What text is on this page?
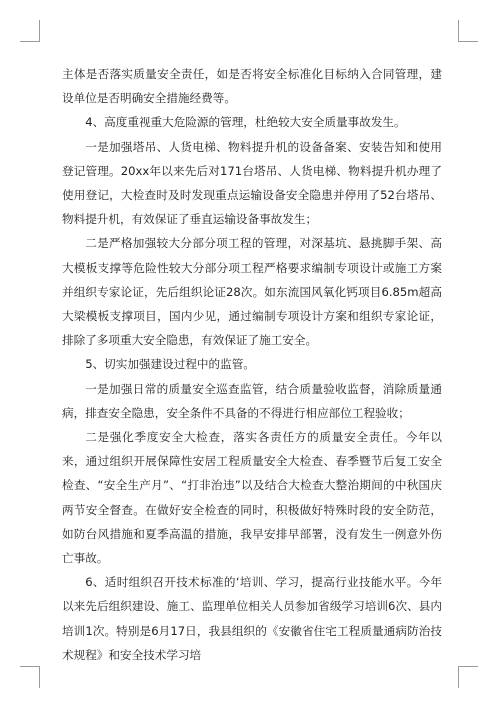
主体是否落实质量安全责任，如是否将安全标准化目标纳入合同管理，建设单位是否明确安全措施经费等。

4、高度重视重大危险源的管理，杜绝较大安全质量事故发生。

一是加强塔吊、人货电梯、物料提升机的设备备案、安装告知和使用登记管理。20xx年以来先后对171台塔吊、人货电梯、物料提升机办理了使用登记，大检查时及时发现重点运输设备安全隐患并停用了52台塔吊、物料提升机，有效保证了垂直运输设备事故发生；

二是严格加强较大分部分项工程的管理，对深基坑、悬挑脚手架、高大模板支撑等危险性较大分部分项工程严格要求编制专项设计或施工方案并组织专家论证，先后组织论证28次。如东流国风氧化钙项目6.85m超高大梁模板支撑项目，国内少见，通过编制专项设计方案和组织专家论证，排除了多项重大安全隐患，有效保证了施工安全。

5、切实加强建设过程中的监管。

一是加强日常的质量安全巡查监管，结合质量验收监督，消除质量通病，排查安全隐患，安全条件不具备的不得进行相应部位工程验收；

二是强化季度安全大检查，落实各责任方的质量安全责任。今年以来，通过组织开展保障性安居工程质量安全大检查、春季暨节后复工安全检查、“安全生产月”、“打非治违”以及结合大检查大整治期间的中秋国庆两节安全督查。在做好安全检查的同时，积极做好特殊时段的安全防范，如防台风措施和夏季高温的措施，我早安排早部署，没有发生一例意外伤亡事故。

6、适时组织召开技术标准的‘培训、学习，提高行业技能水平。今年以来先后组织建设、施工、监理单位相关人员参加省级学习培训6次、县内培训1次。特别是6月17日，我县组织的《安徽省住宅工程质量通病防治技术规程》和安全技术学习培
